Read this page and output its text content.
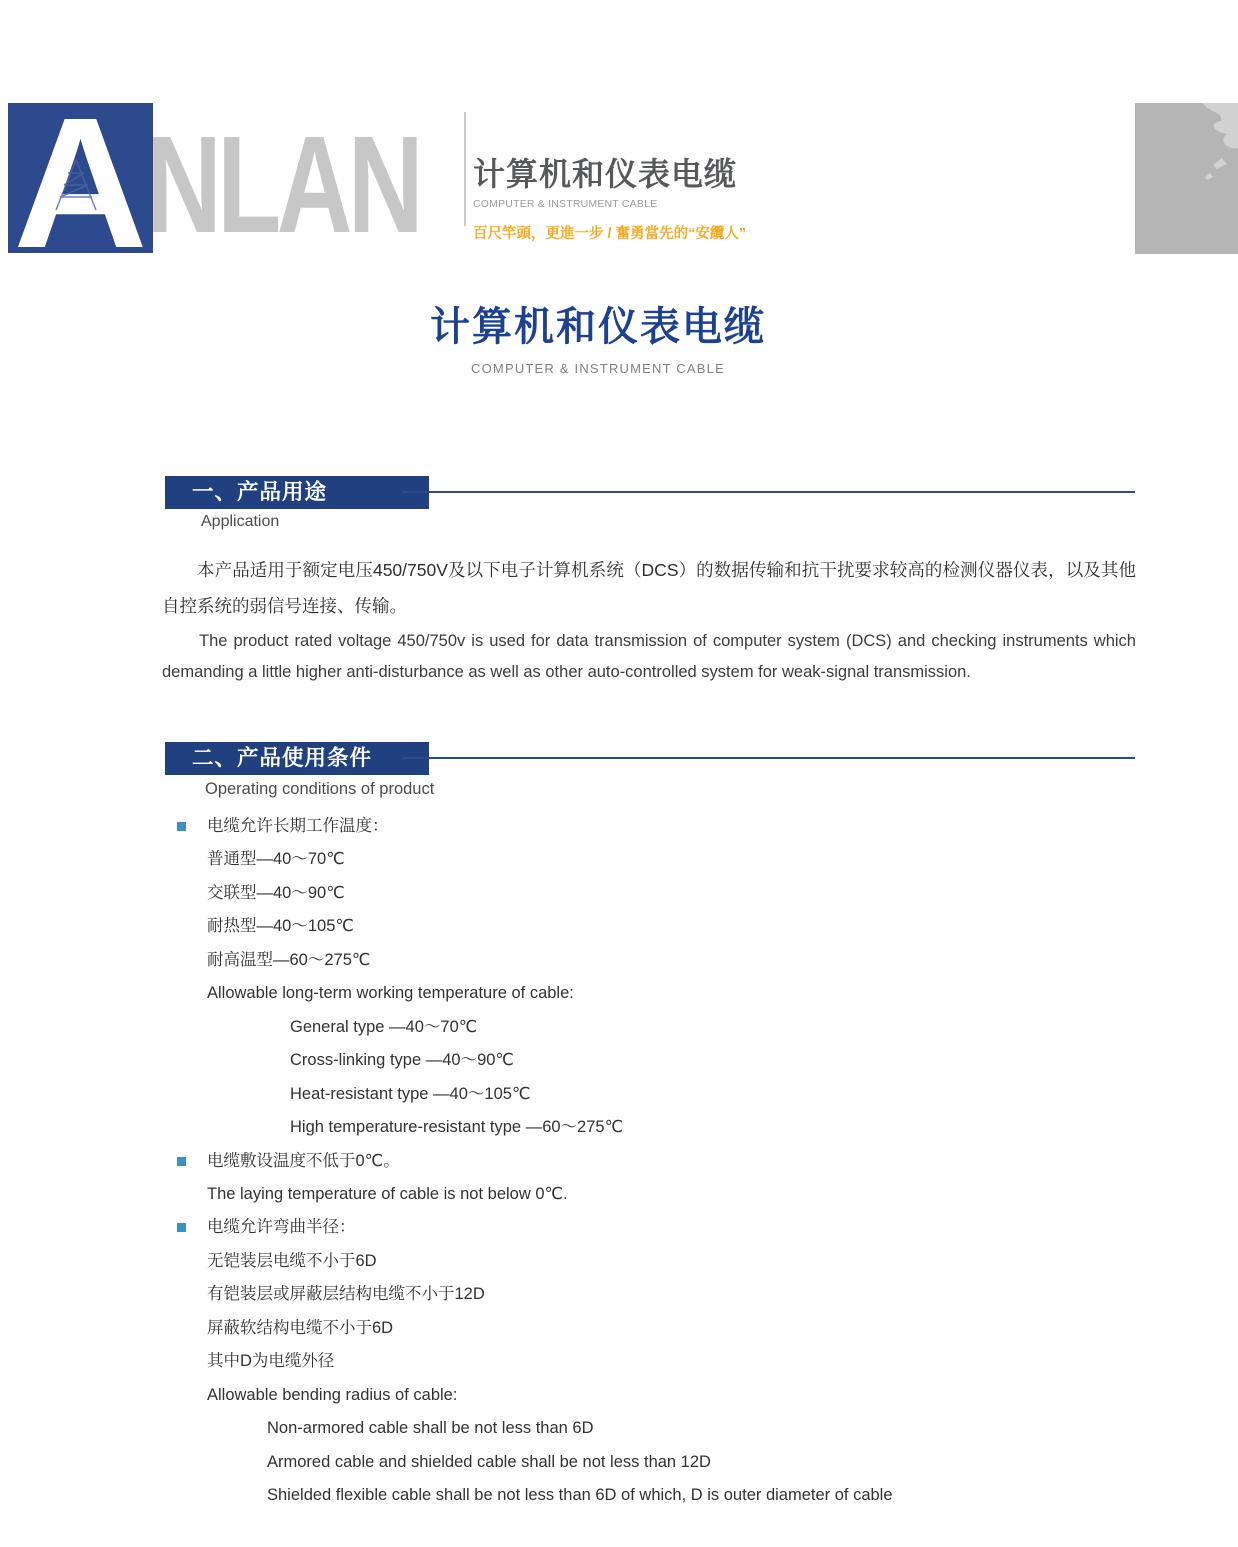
A
NLAN 计算机和仪表电缆
COMPUTER & INSTRUMENT CABLE
百尺竿頭，更進一步 / 奮勇當先的“安纜人”
计算机和仪表电缆
COMPUTER & INSTRUMENT CABLE
一、产品用途
Application
本产品适用于额定电压450/750V及以下电子计算机系统（DCS）的数据传输和抗干扰要求较高的检测仪器仪表，以及其他自控系统的弱信号连接、传输。
The product rated voltage 450/750v is used for data transmission of computer system (DCS) and checking instruments which demanding a little higher anti-disturbance as well as other auto-controlled system for weak-signal transmission.
二、产品使用条件
Operating conditions of product
电缆允许长期工作温度：
普通型—40～70℃
交联型—40～90℃
耐热型—40～105℃
耐高温型—60～275℃
Allowable long-term working temperature of cable:
General type —40～70℃
Cross-linking type —40～90℃
Heat-resistant type —40～105℃
High temperature-resistant type —60～275℃
电缆敷设温度不低于0℃。
The laying temperature of cable is not below 0℃.
电缆允许弯曲半径：
无铠装层电缆不小于6D
有铠装层或屏蔽层结构电缆不小于12D
屏蔽软结构电缆不小于6D
其中D为电缆外径
Allowable bending radius of cable:
Non-armored cable shall be not less than 6D
Armored cable and shielded cable shall be not less than 12D
Shielded flexible cable shall be not less than 6D of which, D is outer diameter of cable
